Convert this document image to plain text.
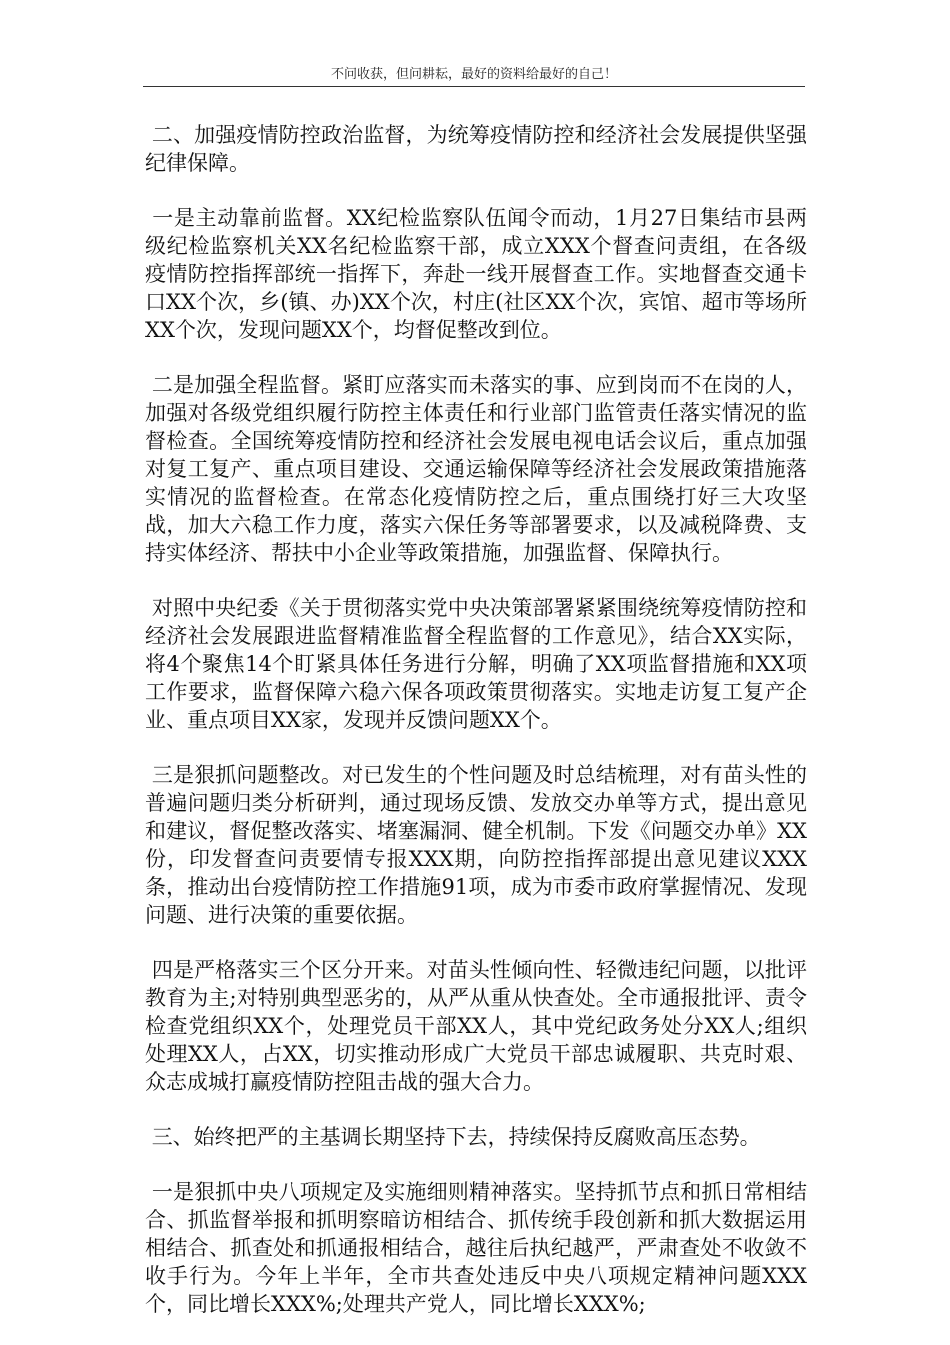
不问收获，但问耕耘，最好的资料给最好的自己！

二、加强疫情防控政治监督，为统筹疫情防控和经济社会发展提供坚强纪律保障。

一是主动靠前监督。XX纪检监察队伍闻令而动，1月27日集结市县两级纪检监察机关XX名纪检监察干部，成立XXX个督查问责组，在各级疫情防控指挥部统一指挥下，奔赴一线开展督查工作。实地督查交通卡口XX个次，乡(镇、办)XX个次，村庄(社区XX个次，宾馆、超市等场所XX个次，发现问题XX个，均督促整改到位。

二是加强全程监督。紧盯应落实而未落实的事、应到岗而不在岗的人，加强对各级党组织履行防控主体责任和行业部门监管责任落实情况的监督检查。全国统筹疫情防控和经济社会发展电视电话会议后，重点加强对复工复产、重点项目建设、交通运输保障等经济社会发展政策措施落实情况的监督检查。在常态化疫情防控之后，重点围绕打好三大攻坚战，加大六稳工作力度，落实六保任务等部署要求，以及减税降费、支持实体经济、帮扶中小企业等政策措施，加强监督、保障执行。

对照中央纪委《关于贯彻落实党中央决策部署紧紧围绕统筹疫情防控和经济社会发展跟进监督精准监督全程监督的工作意见》，结合XX实际，将4个聚焦14个盯紧具体任务进行分解，明确了XX项监督措施和XX项工作要求，监督保障六稳六保各项政策贯彻落实。实地走访复工复产企业、重点项目XX家，发现并反馈问题XX个。

三是狠抓问题整改。对已发生的个性问题及时总结梳理，对有苗头性的普遍问题归类分析研判，通过现场反馈、发放交办单等方式，提出意见和建议，督促整改落实、堵塞漏洞、健全机制。下发《问题交办单》XX份，印发督查问责要情专报XXX期，向防控指挥部提出意见建议XXX条，推动出台疫情防控工作措施91项，成为市委市政府掌握情况、发现问题、进行决策的重要依据。

四是严格落实三个区分开来。对苗头性倾向性、轻微违纪问题，以批评教育为主;对特别典型恶劣的，从严从重从快查处。全市通报批评、责令检查党组织XX个，处理党员干部XX人，其中党纪政务处分XX人;组织处理XX人，占XX，切实推动形成广大党员干部忠诚履职、共克时艰、众志成城打赢疫情防控阻击战的强大合力。

三、始终把严的主基调长期坚持下去，持续保持反腐败高压态势。

一是狠抓中央八项规定及实施细则精神落实。坚持抓节点和抓日常相结合、抓监督举报和抓明察暗访相结合、抓传统手段创新和抓大数据运用相结合、抓查处和抓通报相结合，越往后执纪越严，严肃查处不收敛不收手行为。今年上半年，全市共查处违反中央八项规定精神问题XXX个，同比增长XXX%;处理共产党人，同比增长XXX%;
